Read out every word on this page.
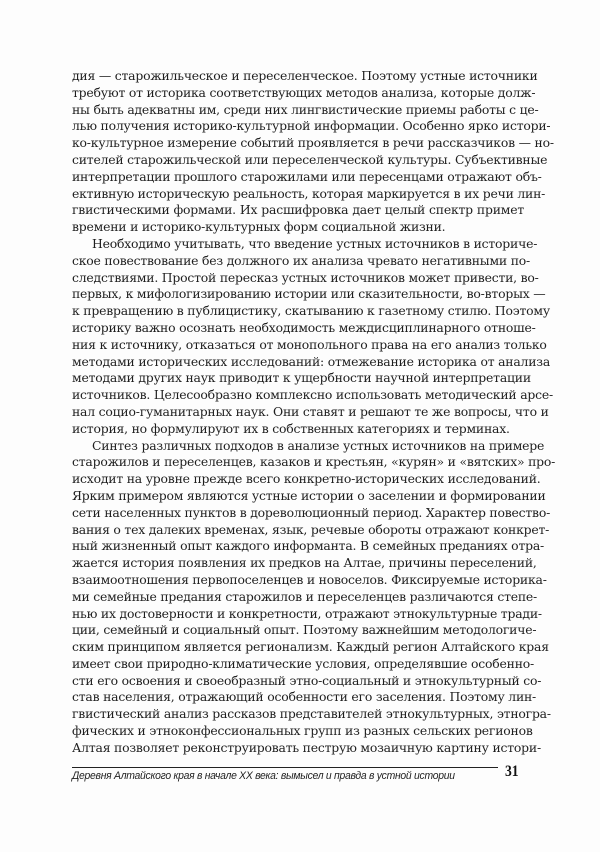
дия — старожильческое и переселенческое. Поэтому устные источники
требуют от историка соответствующих методов анализа, которые долж-
ны быть адекватны им, среди них лингвистические приемы работы с це-
лью получения историко-культурной информации. Особенно ярко истори-
ко-культурное измерение событий проявляется в речи рассказчиков — но-
сителей старожильческой или переселенческой культуры. Субъективные
интерпретации прошлого старожилами или пересенцами отражают объ-
ективную историческую реальность, которая маркируется в их речи лин-
гвистическими формами. Их расшифровка дает целый спектр примет
времени и историко-культурных форм социальной жизни.
Необходимо учитывать, что введение устных источников в историче-
ское повествование без должного их анализа чревато негативными по-
следствиями. Простой пересказ устных источников может привести, во-
первых, к мифологизированию истории или сказительности, во-вторых —
к превращению в публицистику, скатыванию к газетному стилю. Поэтому
историку важно осознать необходимость междисциплинарного отноше-
ния к источнику, отказаться от монопольного права на его анализ только
методами исторических исследований: отмежевание историка от анализа
методами других наук приводит к ущербности научной интерпретации
источников. Целесообразно комплексно использовать методический арсе-
нал социо-гуманитарных наук. Они ставят и решают те же вопросы, что и
история, но формулируют их в собственных категориях и терминах.
Синтез различных подходов в анализе устных источников на примере
старожилов и переселенцев, казаков и крестьян, «курян» и «вятских» про-
исходит на уровне прежде всего конкретно-исторических исследований.
Ярким примером являются устные истории о заселении и формировании
сети населенных пунктов в дореволюционный период. Характер повество-
вания о тех далеких временах, язык, речевые обороты отражают конкрет-
ный жизненный опыт каждого информанта. В семейных преданиях отра-
жается история появления их предков на Алтае, причины переселений,
взаимоотношения первопоселенцев и новоселов. Фиксируемые историка-
ми семейные предания старожилов и переселенцев различаются степе-
нью их достоверности и конкретности, отражают этнокультурные тради-
ции, семейный и социальный опыт. Поэтому важнейшим методологиче-
ским принципом является регионализм. Каждый регион Алтайского края
имеет свои природно-климатические условия, определявшие особенно-
сти его освоения и своеобразный этно-социальный и этнокультурный со-
став населения, отражающий особенности его заселения. Поэтому лин-
гвистический анализ рассказов представителей этнокультурных, этногра-
фических и этноконфессиональных групп из разных сельских регионов
Алтая позволяет реконструировать пеструю мозаичную картину истори-
Деревня Алтайского края в начале XX века: вымысел и правда в устной истории	31
